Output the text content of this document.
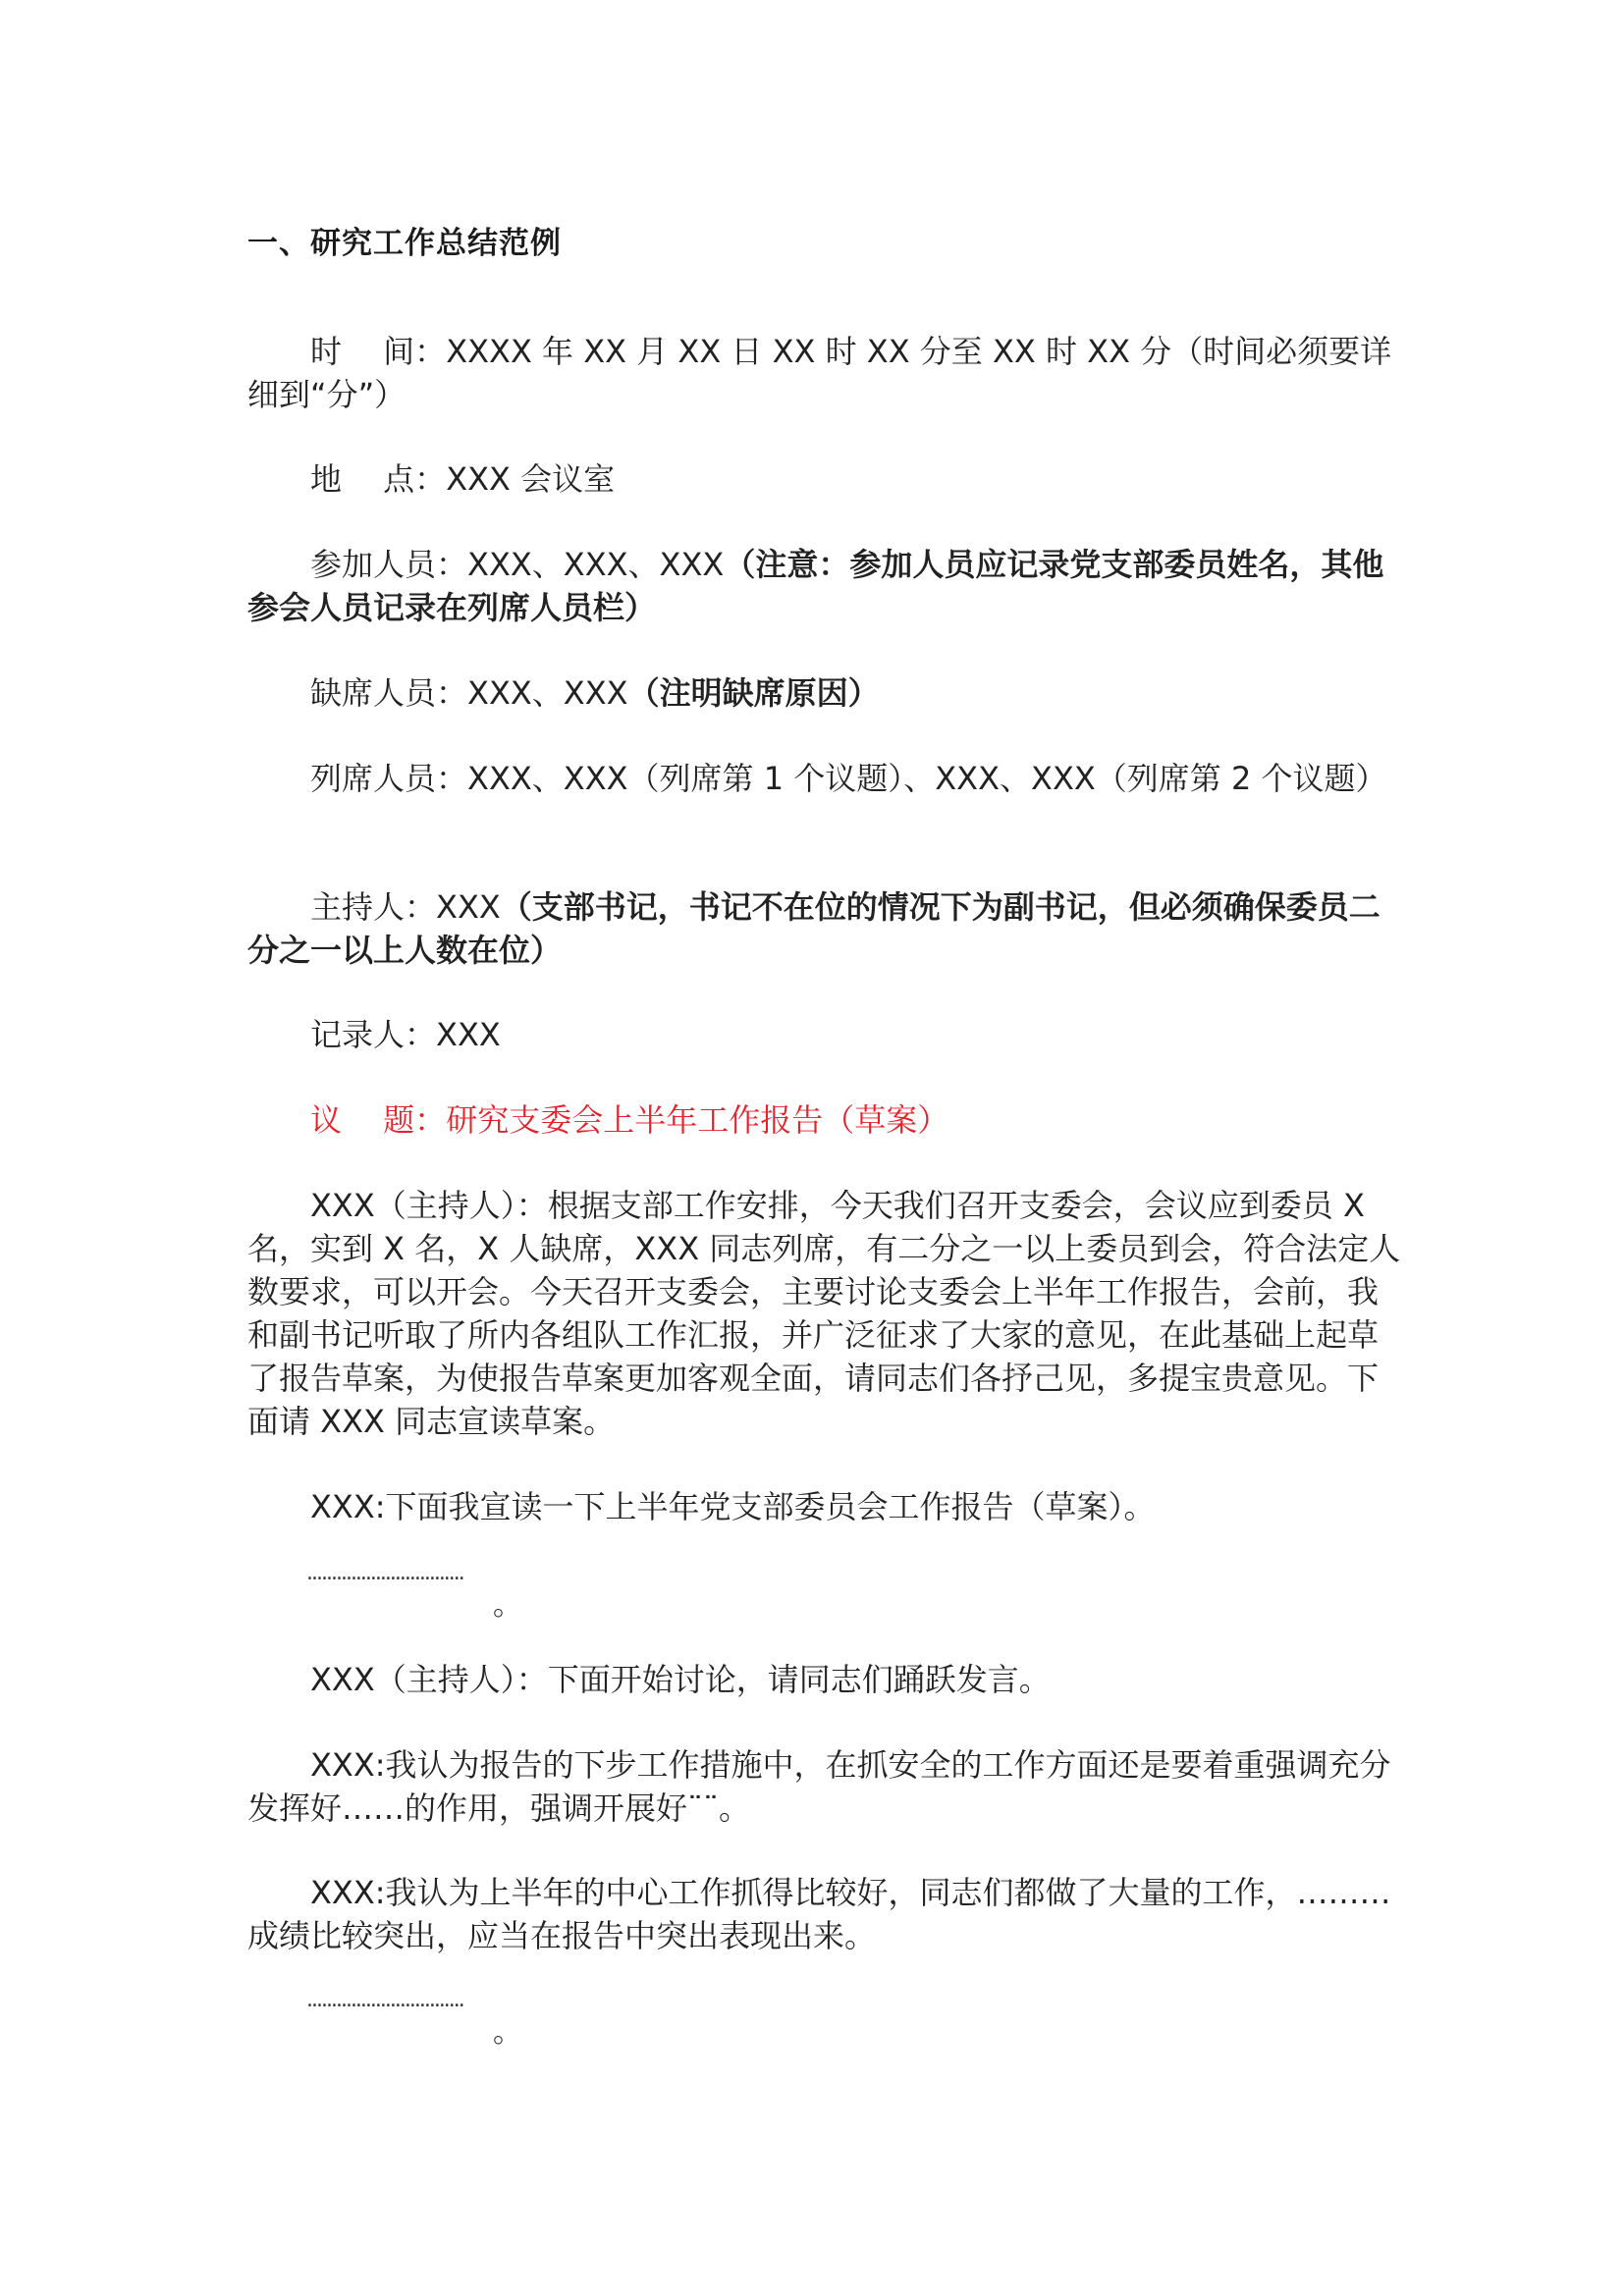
一、研究工作总结范例
时　 间：XXXX 年 XX 月 XX 日 XX 时 XX 分至 XX 时 XX 分（时间必须要详细到“分”）
地　 点：XXX 会议室
参加人员：XXX、XXX、XXX（注意：参加人员应记录党支部委员姓名，其他参会人员记录在列席人员栏）
缺席人员：XXX、XXX（注明缺席原因）
列席人员：XXX、XXX（列席第 1 个议题）、XXX、XXX（列席第 2 个议题）
主持人：XXX（支部书记，书记不在位的情况下为副书记，但必须确保委员二分之一以上人数在位）
记录人：XXX
议　 题：研究支委会上半年工作报告（草案）
XXX（主持人）：根据支部工作安排，今天我们召开支委会，会议应到委员 X 名，实到 X 名，X 人缺席，XXX 同志列席，有二分之一以上委员到会，符合法定人数要求，可以开会。今天召开支委会，主要讨论支委会上半年工作报告，会前，我和副书记听取了所内各组队工作汇报，并广泛征求了大家的意见，在此基础上起草了报告草案，为使报告草案更加客观全面，请同志们各抒己见，多提宝贵意见。下面请 XXX 同志宣读草案。
XXX:下面我宣读一下上半年党支部委员会工作报告（草案）。
................................
。
XXX（主持人）：下面开始讨论，请同志们踊跃发言。
XXX:我认为报告的下步工作措施中，在抓安全的工作方面还是要着重强调充分发挥好……的作用，强调开展好¨¨。
XXX:我认为上半年的中心工作抓得比较好，同志们都做了大量的工作，………成绩比较突出，应当在报告中突出表现出来。
................................
。
